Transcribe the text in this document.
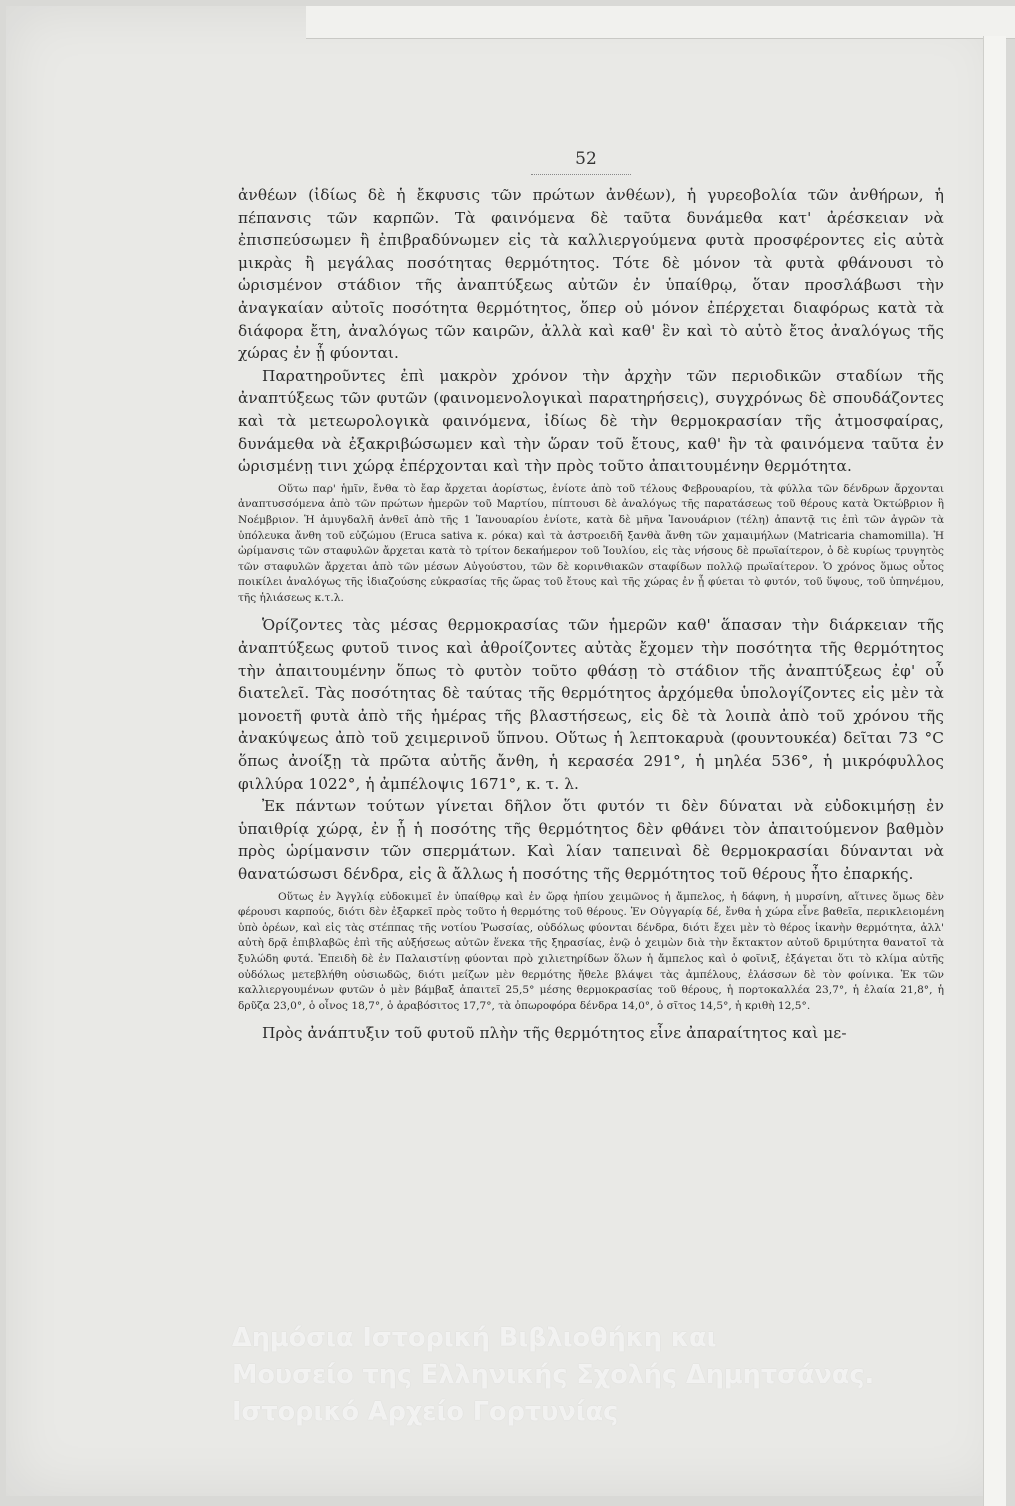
52

ἀνθέων (ἰδίως δὲ ἡ ἔκφυσις τῶν πρώτων ἀνθέων), ἡ γυρεοβολία τῶν ἀνθήρων, ἡ πέπανσις τῶν καρπῶν. Τὰ φαινόμενα δὲ ταῦτα δυνάμεθα κατ' ἀρέσκειαν νὰ ἐπισπεύσωμεν ἢ ἐπιβραδύνωμεν εἰς τὰ καλλιεργούμενα φυτὰ προσφέροντες εἰς αὐτὰ μικρὰς ἢ μεγάλας ποσότητας θερμότητος. Τότε δὲ μόνον τὰ φυτὰ φθάνουσι τὸ ὡρισμένον στάδιον τῆς ἀναπτύξεως αὐτῶν ἐν ὑπαίθρῳ, ὅταν προσλάβωσι τὴν ἀναγκαίαν αὐτοῖς ποσότητα θερμότητος, ὅπερ οὐ μόνον ἐπέρχεται διαφόρως κατὰ τὰ διάφορα ἔτη, ἀναλόγως τῶν καιρῶν, ἀλλὰ καὶ καθ' ἓν καὶ τὸ αὐτὸ ἔτος ἀναλόγως τῆς χώρας ἐν ᾗ φύονται.

Παρατηροῦντες ἐπὶ μακρὸν χρόνον τὴν ἀρχὴν τῶν περιοδικῶν σταδίων τῆς ἀναπτύξεως τῶν φυτῶν (φαινομενολογικαὶ παρατηρήσεις), συγχρόνως δὲ σπουδάζοντες καὶ τὰ μετεωρολογικὰ φαινόμενα, ἰδίως δὲ τὴν θερμοκρασίαν τῆς ἀτμοσφαίρας, δυνάμεθα νὰ ἐξακριβώσωμεν καὶ τὴν ὥραν τοῦ ἔτους, καθ' ἣν τὰ φαινόμενα ταῦτα ἐν ὡρισμένῃ τινι χώρᾳ ἐπέρχονται καὶ τὴν πρὸς τοῦτο ἀπαιτουμένην θερμότητα.

Οὕτω παρ' ἡμῖν, ἔνθα τὸ ἔαρ ἄρχεται ἀορίστως, ἐνίοτε ἀπὸ τοῦ τέλους Φεβρουαρίου, τὰ φύλλα τῶν δένδρων ἄρχονται ἀναπτυσσόμενα ἀπὸ τῶν πρώτων ἡμερῶν τοῦ Μαρτίου, πίπτουσι δὲ ἀναλόγως τῆς παρατάσεως τοῦ θέρους κατὰ Ὀκτώβριον ἢ Νοέμβριον. Ἡ ἀμυγδαλῆ ἀνθεῖ ἀπὸ τῆς 1 Ἰανουαρίου ἐνίοτε, κατὰ δὲ μῆνα Ἰανουάριον (τέλη) ἀπαντᾷ τις ἐπὶ τῶν ἀγρῶν τὰ ὑπόλευκα ἄνθη τοῦ εὐζώμου (Eruca sativa κ. ρόκα) καὶ τὰ ἀστροειδῆ ξανθὰ ἄνθη τῶν χαμαιμήλων (Matricaria chamomilla). Ἡ ὡρίμανσις τῶν σταφυλῶν ἄρχεται κατὰ τὸ τρίτον δεκαήμερον τοῦ Ἰουλίου, εἰς τὰς νήσους δὲ πρωϊαίτερον, ὁ δὲ κυρίως τρυγητὸς τῶν σταφυλῶν ἄρχεται ἀπὸ τῶν μέσων Αὐγούστου, τῶν δὲ κορινθιακῶν σταφίδων πολλῷ πρωϊαίτερον. Ὁ χρόνος ὅμως οὗτος ποικίλει ἀναλόγως τῆς ἰδιαζούσης εὐκρασίας τῆς ὥρας τοῦ ἔτους καὶ τῆς χώρας ἐν ᾗ φύεται τὸ φυτόν, τοῦ ὕψους, τοῦ ὑπηνέμου, τῆς ἡλιάσεως κ.τ.λ.

Ὁρίζοντες τὰς μέσας θερμοκρασίας τῶν ἡμερῶν καθ' ἅπασαν τὴν διάρκειαν τῆς ἀναπτύξεως φυτοῦ τινος καὶ ἀθροίζοντες αὐτὰς ἔχομεν τὴν ποσότητα τῆς θερμότητος τὴν ἀπαιτουμένην ὅπως τὸ φυτὸν τοῦτο φθάσῃ τὸ στάδιον τῆς ἀναπτύξεως ἐφ' οὗ διατελεῖ. Τὰς ποσότητας δὲ ταύτας τῆς θερμότητος ἀρχόμεθα ὑπολογίζοντες εἰς μὲν τὰ μονοετῆ φυτὰ ἀπὸ τῆς ἡμέρας τῆς βλαστήσεως, εἰς δὲ τὰ λοιπὰ ἀπὸ τοῦ χρόνου τῆς ἀνακύψεως ἀπὸ τοῦ χειμερινοῦ ὕπνου. Οὕτως ἡ λεπτοκαρυὰ (φουντουκέα) δεῖται 73 °C ὅπως ἀνοίξῃ τὰ πρῶτα αὐτῆς ἄνθη, ἡ κερασέα 291°, ἡ μηλέα 536°, ἡ μικρόφυλλος φιλλύρα 1022°, ἡ ἀμπέλοψις 1671°, κ. τ. λ.

Ἐκ πάντων τούτων γίνεται δῆλον ὅτι φυτόν τι δὲν δύναται νὰ εὐδοκιμήσῃ ἐν ὑπαιθρίᾳ χώρᾳ, ἐν ᾗ ἡ ποσότης τῆς θερμότητος δὲν φθάνει τὸν ἀπαιτούμενον βαθμὸν πρὸς ὡρίμανσιν τῶν σπερμάτων. Καὶ λίαν ταπειναὶ δὲ θερμοκρασίαι δύνανται νὰ θανατώσωσι δένδρα, εἰς ἃ ἄλλως ἡ ποσότης τῆς θερμότητος τοῦ θέρους ἦτο ἐπαρκής.

Οὕτως ἐν Ἀγγλίᾳ εὐδοκιμεῖ ἐν ὑπαίθρῳ καὶ ἐν ὥρᾳ ἠπίου χειμῶνος ἡ ἄμπελος, ἡ δάφνη, ἡ μυρσίνη, αἵτινες ὅμως δὲν φέρουσι καρπούς, διότι δὲν ἐξαρκεῖ πρὸς τοῦτο ἡ θερμότης τοῦ θέρους. Ἐν Οὐγγαρίᾳ δέ, ἔνθα ἡ χώρα εἶνε βαθεῖα, περικλειομένη ὑπὸ ὀρέων, καὶ εἰς τὰς στέππας τῆς νοτίου Ῥωσσίας, οὐδόλως φύονται δένδρα, διότι ἔχει μὲν τὸ θέρος ἱκανὴν θερμότητα, ἀλλ' αὐτὴ δρᾷ ἐπιβλαβῶς ἐπὶ τῆς αὐξήσεως αὐτῶν ἕνεκα τῆς ξηρασίας, ἐνῷ ὁ χειμὼν διὰ τὴν ἔκτακτον αὐτοῦ δριμύτητα θανατοῖ τὰ ξυλώδη φυτά. Ἐπειδὴ δὲ ἐν Παλαιστίνῃ φύονται πρὸ χιλιετηρίδων ὅλων ἡ ἄμπελος καὶ ὁ φοῖνιξ, ἐξάγεται ὅτι τὸ κλίμα αὐτῆς οὐδόλως μετεβλήθη οὐσιωδῶς, διότι μείζων μὲν θερμότης ἤθελε βλάψει τὰς ἀμπέλους, ἐλάσσων δὲ τὸν φοίνικα. Ἐκ τῶν καλλιεργουμένων φυτῶν ὁ μὲν βάμβαξ ἀπαιτεῖ 25,5° μέσης θερμοκρασίας τοῦ θέρους, ἡ πορτοκαλλέα 23,7°, ἡ ἐλαία 21,8°, ἡ δρῦζα 23,0°, ὁ οἶνος 18,7°, ὁ ἀραβόσιτος 17,7°, τὰ ὀπωροφόρα δένδρα 14,0°, ὁ σῖτος 14,5°, ἡ κριθὴ 12,5°.

Πρὸς ἀνάπτυξιν τοῦ φυτοῦ πλὴν τῆς θερμότητος εἶνε ἀπαραίτητος καὶ με-

Δημόσια Ιστορική Βιβλιοθήκη και
Μουσείο της Ελληνικής Σχολής Δημητσάνας.
Ιστορικό Αρχείο Γορτυνίας
